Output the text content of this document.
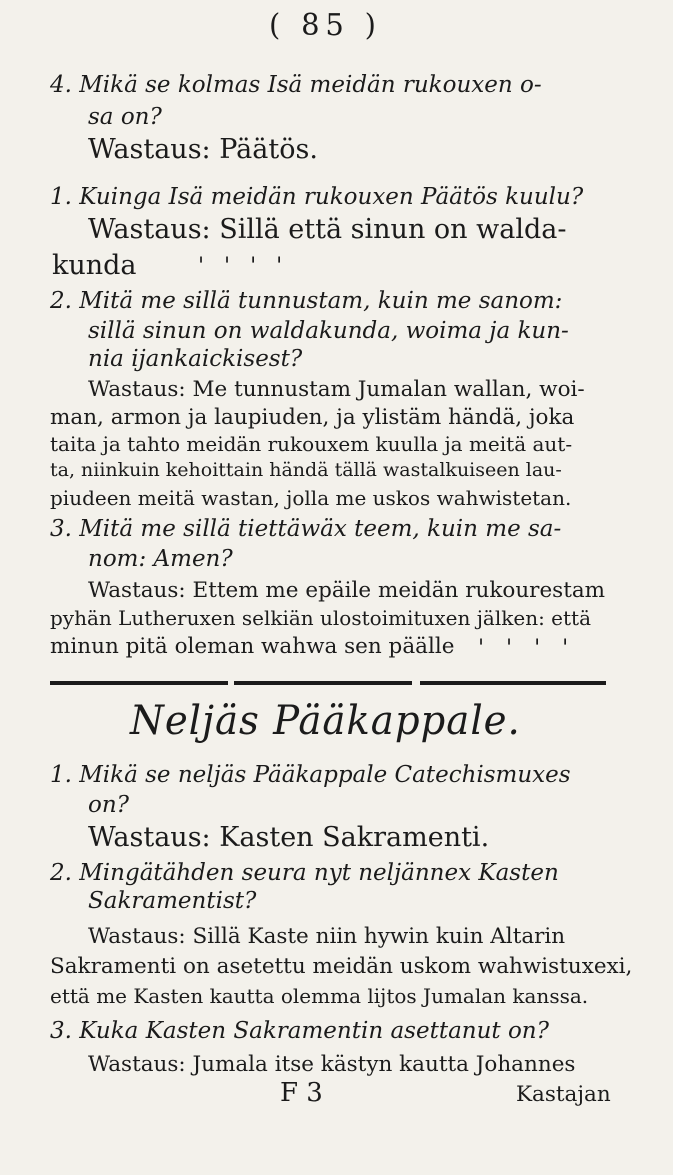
( 85 )
4. Mikä se kolmas Isä meidän rukouxen o-
sa on?
Wastaus: Päätös.
1. Kuinga Isä meidän rukouxen Päätös kuulu?
Wastaus: Sillä että sinun on walda-
kunda	''''
2. Mitä me sillä tunnustam, kuin me sanom:
sillä sinun on waldakunda, woima ja kun-
nia ijankaickisest?
Wastaus: Me tunnustam Jumalan wallan, woi-
man, armon ja laupiuden, ja ylistäm händä, joka
taita ja tahto meidän rukouxem kuulla ja meitä aut-
ta, niinkuin kehoittain händä tällä wastalkuiseen lau-
piudeen meitä wastan, jolla me uskos wahwistetan.
3. Mitä me sillä tiettäwäx teem, kuin me sa-
nom: Amen?
Wastaus: Ettem me epäile meidän rukourestam
pyhän Lutheruxen selkiän ulostoimituxen jälken: että
minun pitä oleman wahwa sen päälle ''''
Neljäs Pääkappale.
1. Mikä se neljäs Pääkappale Catechismuxes
on?
Wastaus: Kasten Sakramenti.
2. Mingätähden seura nyt neljännex Kasten
Sakramentist?
Wastaus: Sillä Kaste niin hywin kuin Altarin
Sakramenti on asetettu meidän uskom wahwistuxexi,
että me Kasten kautta olemma lijtos Jumalan kanssa.
3. Kuka Kasten Sakramentin asettanut on?
Wastaus: Jumala itse kästyn kautta Johannes
F 3	Kastajan
